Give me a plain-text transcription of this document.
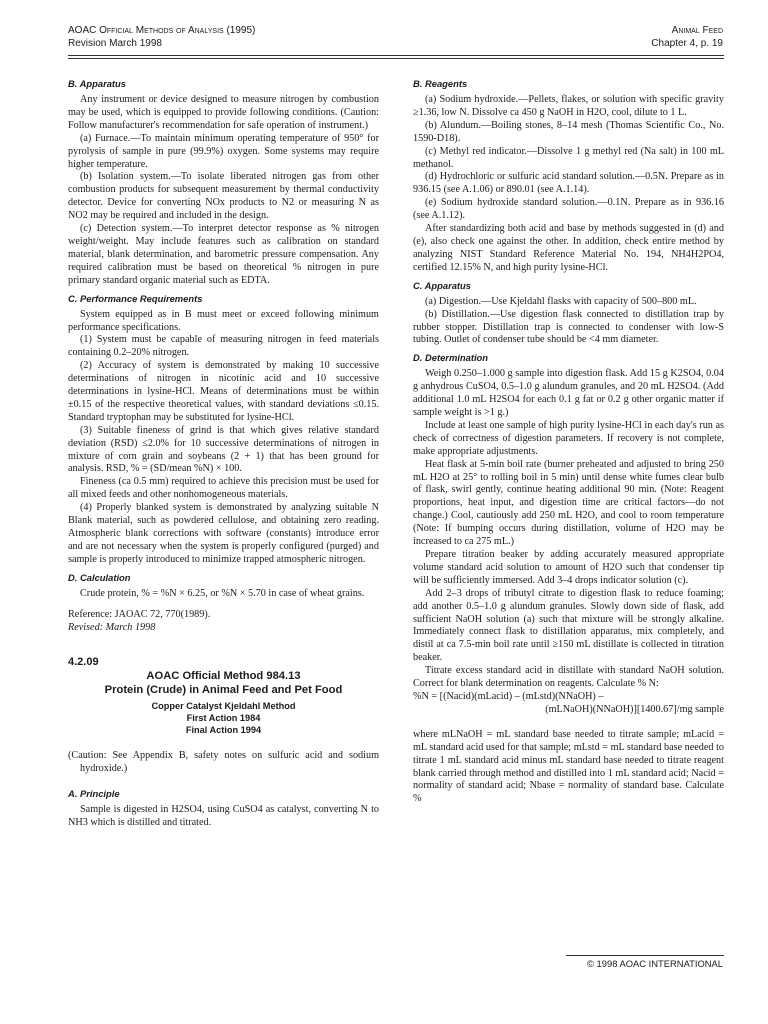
AOAC Official Methods of Analysis (1995)
Revision March 1998
Animal Feed
Chapter 4, p. 19
B. Apparatus

Any instrument or device designed to measure nitrogen by combustion may be used, which is equipped to provide following conditions. (Caution: Follow manufacturer's recommendation for safe operation of instrument.)

(a) Furnace.—To maintain minimum operating temperature of 950° for pyrolysis of sample in pure (99.9%) oxygen. Some systems may require higher temperature.

(b) Isolation system.—To isolate liberated nitrogen gas from other combustion products for subsequent measurement by thermal conductivity detector. Device for converting NOx products to N2 or measuring N as NO2 may be required and included in the design.

(c) Detection system.—To interpret detector response as % nitrogen weight/weight. May include features such as calibration on standard material, blank determination, and barometric pressure compensation. Any required calibration must be based on theoretical % nitrogen in pure primary standard organic material such as EDTA.

C. Performance Requirements

System equipped as in B must meet or exceed following minimum performance specifications.

(1) System must be capable of measuring nitrogen in feed materials containing 0.2–20% nitrogen.

(2) Accuracy of system is demonstrated by making 10 successive determinations of nitrogen in nicotinic acid and 10 successive determinations in lysine-HCl. Means of determinations must be within ±0.15 of the respective theoretical values, with standard deviations ≤0.15. Standard tryptophan may be substituted for lysine-HCl.

(3) Suitable fineness of grind is that which gives relative standard deviation (RSD) ≤2.0% for 10 successive determinations of nitrogen in mixture of corn grain and soybeans (2 + 1) that has been ground for analysis. RSD, % = (SD/mean %N) × 100.

Fineness (ca 0.5 mm) required to achieve this precision must be used for all mixed feeds and other nonhomogeneous materials.

(4) Properly blanked system is demonstrated by analyzing suitable N Blank material, such as powdered cellulose, and obtaining zero reading. Atmospheric blank corrections with software (constants) introduce error and are not necessary when the system is properly configured (purged) and sample is properly introduced to minimize trapped atmospheric nitrogen.

D. Calculation

Crude protein, % = %N × 6.25, or %N × 5.70 in case of wheat grains.

Reference: JAOAC 72, 770(1989).

Revised: March 1998

4.2.09
AOAC Official Method 984.13
Protein (Crude) in Animal Feed and Pet Food
Copper Catalyst Kjeldahl Method
First Action 1984
Final Action 1994

(Caution: See Appendix B, safety notes on sulfuric acid and sodium hydroxide.)

A. Principle

Sample is digested in H2SO4, using CuSO4 as catalyst, converting N to NH3 which is distilled and titrated.

B. Reagents

(a) Sodium hydroxide.—Pellets, flakes, or solution with specific gravity ≥1.36, low N. Dissolve ca 450 g NaOH in H2O, cool, dilute to 1 L.

(b) Alundum.—Boiling stones, 8–14 mesh (Thomas Scientific Co., No. 1590-D18).

(c) Methyl red indicator.—Dissolve 1 g methyl red (Na salt) in 100 mL methanol.

(d) Hydrochloric or sulfuric acid standard solution.—0.5N. Prepare as in 936.15 (see A.1.06) or 890.01 (see A.1.14).

(e) Sodium hydroxide standard solution.—0.1N. Prepare as in 936.16 (see A.1.12).

After standardizing both acid and base by methods suggested in (d) and (e), also check one against the other. In addition, check entire method by analyzing NIST Standard Reference Material No. 194, NH4H2PO4, certified 12.15% N, and high purity lysine-HCl.

C. Apparatus

(a) Digestion.—Use Kjeldahl flasks with capacity of 500–800 mL.

(b) Distillation.—Use digestion flask connected to distillation trap by rubber stopper. Distillation trap is connected to condenser with low-S tubing. Outlet of condenser tube should be <4 mm diameter.

D. Determination

Weigh 0.250–1.000 g sample into digestion flask. Add 15 g K2SO4, 0.04 g anhydrous CuSO4, 0.5–1.0 g alundum granules, and 20 mL H2SO4. (Add additional 1.0 mL H2SO4 for each 0.1 g fat or 0.2 g other organic matter if sample weight is >1 g.)

Include at least one sample of high purity lysine-HCl in each day's run as check of correctness of digestion parameters. If recovery is not complete, make appropriate adjustments.

Heat flask at 5-min boil rate (burner preheated and adjusted to bring 250 mL H2O at 25° to rolling boil in 5 min) until dense white fumes clear bulb of flask, swirl gently, continue heating additional 90 min. (Note: Reagent proportions, heat input, and digestion time are critical factors—do not change.) Cool, cautiously add 250 mL H2O, and cool to room temperature (Note: If bumping occurs during distillation, volume of H2O may be increased to ca 275 mL.)

Prepare titration beaker by adding accurately measured appropriate volume standard acid solution to amount of H2O such that condenser tip will be sufficiently immersed. Add 3–4 drops indicator solution (c).

Add 2–3 drops of tributyl citrate to digestion flask to reduce foaming; add another 0.5–1.0 g alundum granules. Slowly down side of flask, add sufficient NaOH solution (a) such that mixture will be strongly alkaline. Immediately connect flask to distillation apparatus, mix completely, and distil at ca 7.5-min boil rate until ≥150 mL distillate is collected in titration beaker.

Titrate excess standard acid in distillate with standard NaOH solution. Correct for blank determination on reagents. Calculate % N:

%N = [(Nacid)(mLacid) – (mLstd)(NNaOH) –

(mLNaOH)(NNaOH)][1400.67]/mg sample

where mLNaOH = mL standard base needed to titrate sample; mLacid = mL standard acid used for that sample; mLstd = mL standard base needed to titrate 1 mL standard acid minus mL standard base needed to titrate reagent blank carried through method and distilled into 1 mL standard acid; Nacid = normality of standard acid; Nbase = normality of standard base. Calculate %

© 1998 AOAC INTERNATIONAL
